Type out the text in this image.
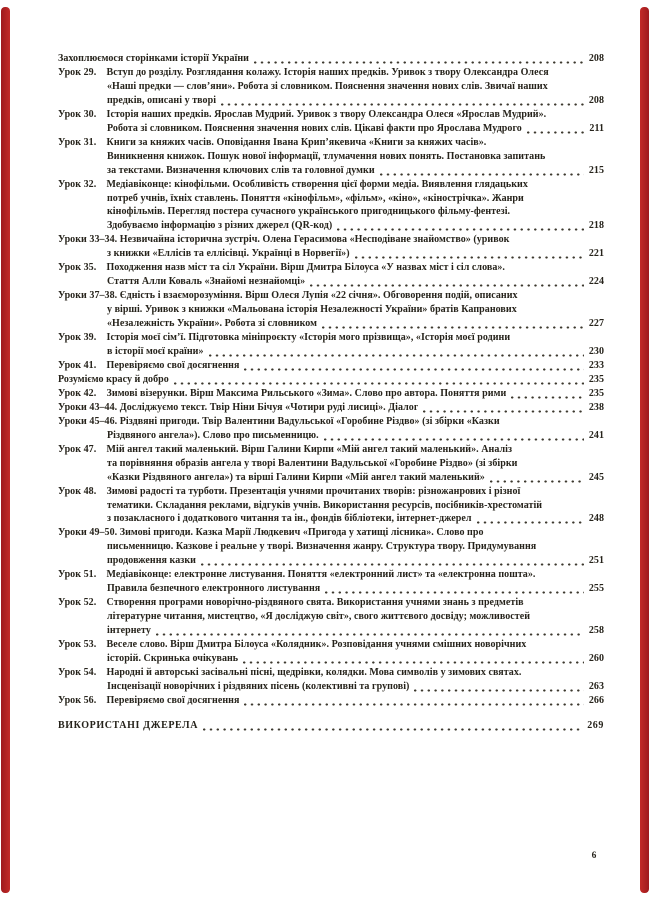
Захоплюємося сторінками історії України	208
Урок 29. Вступ до розділу. Розглядання колажу. Історія наших предків. Уривок з твору Олександра Олеся
«Наші предки — слов’яни». Робота зі словником. Пояснення значення нових слів. Звичаї наших
предків, описані у творі	208
Урок 30. Історія наших предків. Ярослав Мудрий. Уривок з твору Олександра Олеся «Ярослав Мудрий».
Робота зі словником. Пояснення значення нових слів. Цікаві факти про Ярослава Мудрого	211
Урок 31. Книги за княжих часів. Оповідання Івана Крип’якевича «Книги за княжих часів».
Виникнення книжок. Пошук нової інформації, тлумачення нових понять. Постановка запитань
за текстами. Визначення ключових слів та головної думки	215
Урок 32. Медіавіконце: кінофільми. Особливість створення цієї форми медіа. Виявлення глядацьких
потреб учнів, їхніх ставлень. Поняття «кінофільм», «фільм», «кіно», «кінострічка». Жанри
кінофільмів. Перегляд постера сучасного українського пригодницького фільму-фентезі.
Здобуваємо інформацію з різних джерел (QR-код)	218
Уроки 33–34. Незвичайна історична зустріч. Олена Герасимова «Несподіване знайомство» (уривок
з книжки «Еллісів та еллісівці. Українці в Норвегії»)	221
Урок 35. Походження назв міст та сіл України. Вірш Дмитра Білоуса «У назвах міст і сіл слова».
Стаття Алли Коваль «Знайомі незнайомці»	224
Уроки 37–38. Єдність і взаєморозуміння. Вірш Олеся Лупія «22 січня». Обговорення подій, описаних
у вірші. Уривок з книжки «Мальована історія Незалежності України» братів Капранових
«Незалежність України». Робота зі словником	227
Урок 39. Історія моєї сім’ї. Підготовка мініпроєкту «Історія мого прізвища», «Історія моєї родини
в історії моєї країни»	230
Урок 41. Перевіряємо свої досягнення	233
Розуміємо красу й добро	235
Урок 42. Зимові візерунки. Вірш Максима Рильського «Зима». Слово про автора. Поняття рими	235
Уроки 43–44. Досліджуємо текст. Твір Ніни Бічуя «Чотири руді лисиці». Діалог	238
Уроки 45–46. Різдвяні пригоди. Твір Валентини Вадульської «Горобине Різдво» (зі збірки «Казки
Різдвяного ангела»). Слово про письменницю.	241
Урок 47. Мій ангел такий маленький. Вірш Галини Кирпи «Мій ангел такий маленький». Аналіз
та порівняння образів ангела у творі Валентини Вадульської «Горобине Різдво» (зі збірки
«Казки Різдвяного ангела») та вірші Галини Кирпи «Мій ангел такий маленький»	245
Урок 48. Зимові радості та турботи. Презентація учнями прочитаних творів: різножанрових і різної
тематики. Складання реклами, відгуків учнів. Використання ресурсів, посібників-хрестоматій
з позакласного і додаткового читання та ін., фондів бібліотеки, інтернет-джерел	248
Уроки 49–50. Зимові пригоди. Казка Марії Людкевич «Пригода у хатищі лісника». Слово про
письменницю. Казкове і реальне у творі. Визначення жанру. Структура твору. Придумування
продовження казки	251
Урок 51. Медіавіконце: електронне листування. Поняття «електронний лист» та «електронна пошта».
Правила безпечного електронного листування	255
Урок 52. Створення програми новорічно-різдвяного свята. Використання учнями знань з предметів
літературне читання, мистецтво, «Я досліджую світ», свого життєвого досвіду; можливостей
інтернету	258
Урок 53. Веселе слово. Вірш Дмитра Білоуса «Колядник». Розповідання учнями смішних новорічних
історій. Скринька очікувань	260
Урок 54. Народні й авторські засівальні пісні, щедрівки, колядки. Мова символів у зимових святах.
Інсценізації новорічних і різдвяних пісень (колективні та групові)	263
Урок 56. Перевіряємо свої досягнення	266
ВИКОРИСТАНІ ДЖЕРЕЛА	269
6
